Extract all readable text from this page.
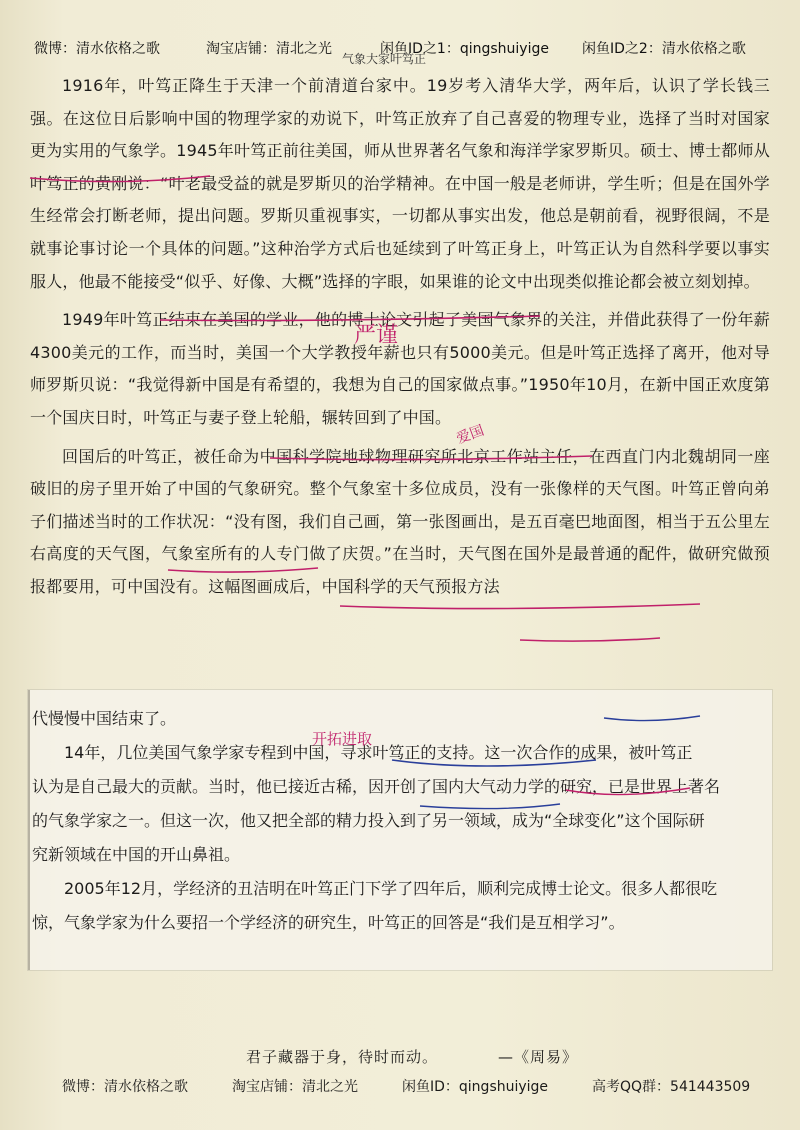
微博：清水依格之歌	淘宝店铺：清北之光	闲鱼ID之1：qingshuiyige 闲鱼ID之2：清水依格之歌
气象大家叶笃正

1916年，叶笃正降生于天津一个前清道台家中。19岁考入清华大学，两年后，认识了学长钱三强。在这位日后影响中国的物理学家的劝说下，叶笃正放弃了自己喜爱的物理专业，选择了当时对国家更为实用的气象学。1945年叶笃正前往美国，师从世界著名气象和海洋学家罗斯贝。硕士、博士都师从叶笃正的黄刚说：“叶老最受益的就是罗斯贝的治学精神。在中国一般是老师讲，学生听；但是在国外学生经常会打断老师，提出问题。罗斯贝重视事实，一切都从事实出发，他总是朝前看，视野很阔，不是就事论事讨论一个具体的问题。”这种治学方式后也延续到了叶笃正身上，叶笃正认为自然科学要以事实服人，他最不能接受“似乎、好像、大概”选择的字眼，如果谁的论文中出现类似推论都会被立刻划掉。

1949年叶笃正结束在美国的学业，他的博士论文引起了美国气象界的关注，并借此获得了一份年薪4300美元的工作，而当时，美国一个大学教授年薪也只有5000美元。但是叶笃正选择了离开，他对导师罗斯贝说：“我觉得新中国是有希望的，我想为自己的国家做点事。”1950年10月，在新中国正欢度第一个国庆日时，叶笃正与妻子登上轮船，辗转回到了中国。

回国后的叶笃正，被任命为中国科学院地球物理研究所北京工作站主任，在西直门内北魏胡同一座破旧的房子里开始了中国的气象研究。整个气象室十多位成员，没有一张像样的天气图。叶笃正曾向弟子们描述当时的工作状况：“没有图，我们自己画，第一张图画出，是五百毫巴地面图，相当于五公里左右高度的天气图，气象室所有的人专门做了庆贺。”在当时，天气图在国外是最普通的配件，做研究做预报都要用，可中国没有。这幅图画成后，中国科学的天气预报方法

代慢慢中国结束了。
14年，几位美国气象学家专程到中国，寻求叶笃正的支持。这一次合作的成果，被叶笃正
认为是自己最大的贡献。当时，他已接近古稀，因开创了国内大气动力学的研究，已是世界上著名
的气象学家之一。但这一次，他又把全部的精力投入到了另一领域，成为“全球变化”这个国际研
究新领域在中国的开山鼻祖。
2005年12月，学经济的丑洁明在叶笃正门下学了四年后，顺利完成博士论文。很多人都很吃
惊，气象学家为什么要招一个学经济的研究生，叶笃正的回答是“我们是互相学习”。
严谨
爱国
开拓进取
君子藏器于身，待时而动。	—《周易》
微博：清水依格之歌	淘宝店铺：清北之光	闲鱼ID：qingshuiyige	高考QQ群：541443509
